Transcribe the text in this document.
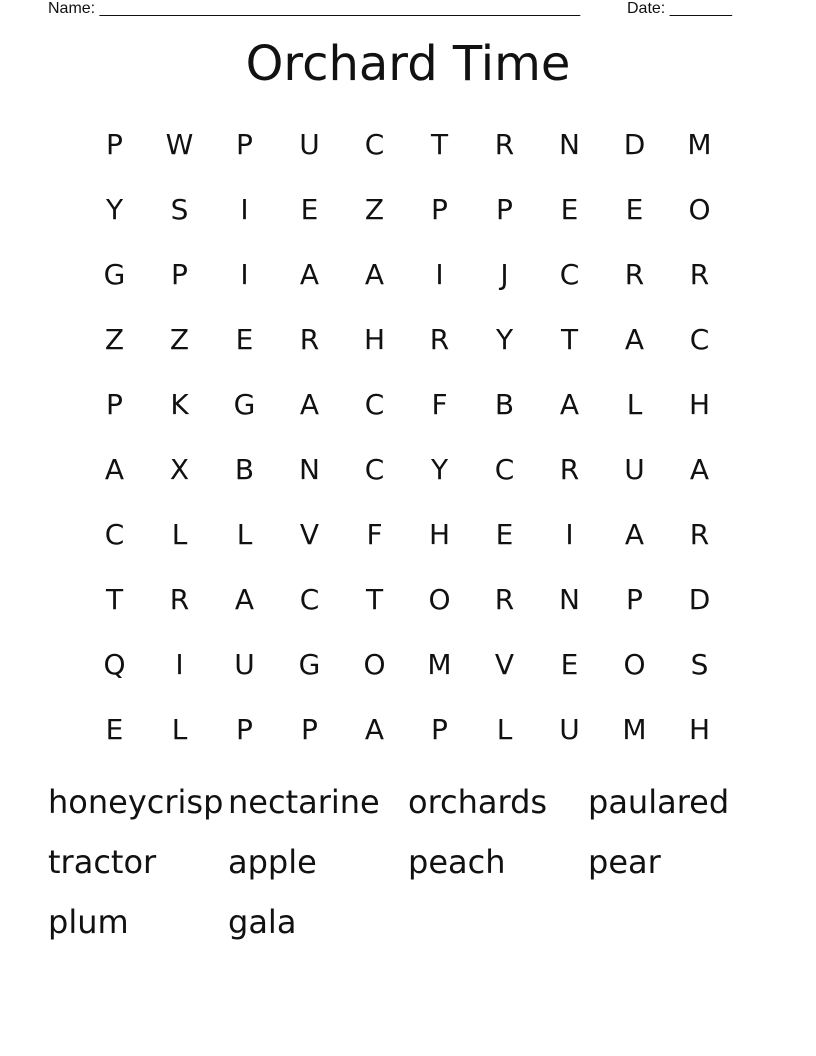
Name: ______________________________________________________	Date: _______
Orchard Time
P	W	P	U	C	T	R	N	D	M
Y	S	I	E	Z	P	P	E	E	O
G	P	I	A	A	I	J	C	R	R
Z	Z	E	R	H	R	Y	T	A	C
P	K	G	A	C	F	B	A	L	H
A	X	B	N	C	Y	C	R	U	A
C	L	L	V	F	H	E	I	A	R
T	R	A	C	T	O	R	N	P	D
Q	I	U	G	O	M	V	E	O	S
E	L	P	P	A	P	L	U	M	H
honeycrisp nectarine orchards	paulared
tractor	apple	peach	pear
plum	gala
